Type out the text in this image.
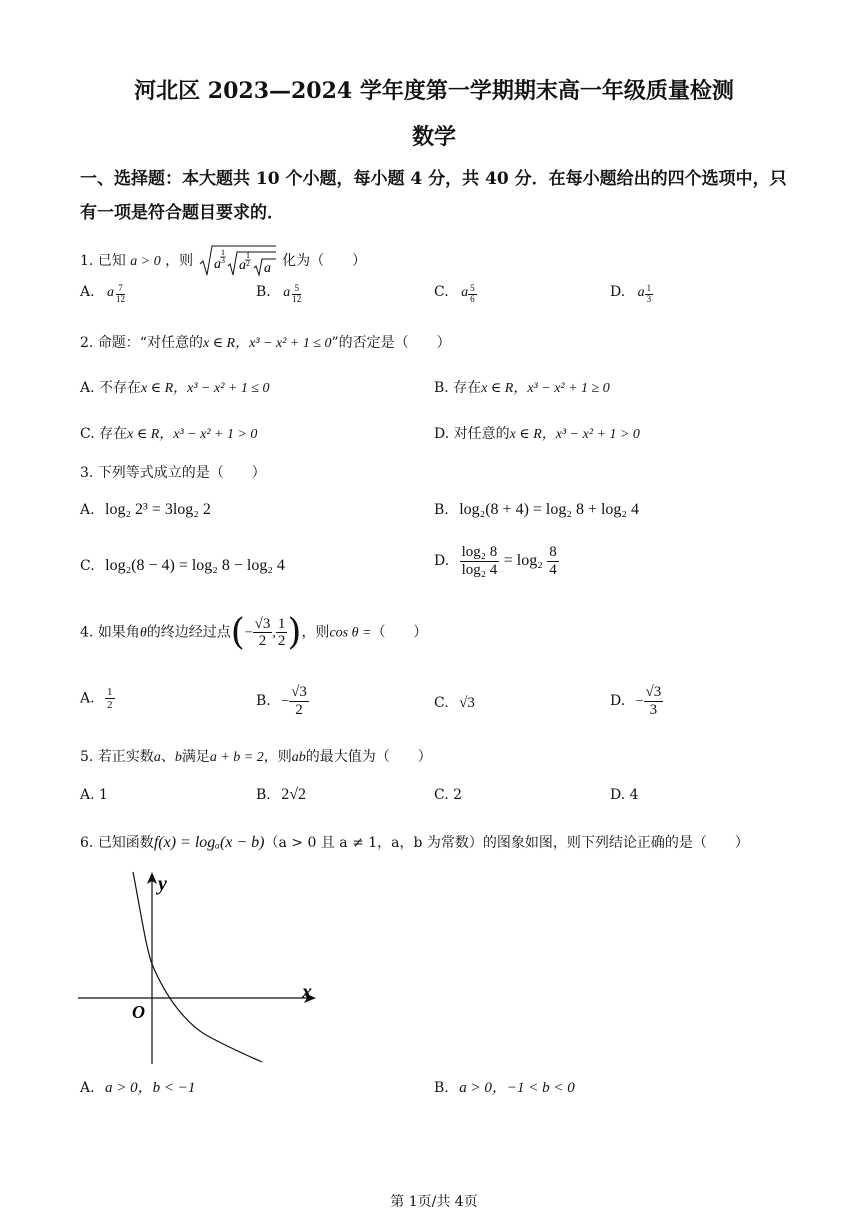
河北区 2023—2024 学年度第一学期期末高一年级质量检测
数学
一、选择题：本大题共 10 个小题，每小题 4 分，共 40 分．在每小题给出的四个选项中，只
有一项是符合题目要求的．
1. 已知 a > 0 ，则 a
1
3 a
1
2 a 化为（　　）
A. a $^{\frac{7}{12}}$	B. a $^{\frac{5}{12}}$	C. a $^{\frac{5}{6}}$	D. a $^{\frac{1}{3}}$
2. 命题：“对任意的x ∈ R，x³ − x² + 1 ≤ 0”的否定是（　　）
A. 不存在x ∈ R，x³ − x² + 1 ≤ 0	B. 存在x ∈ R，x³ − x² + 1 ≥ 0
C. 存在x ∈ R，x³ − x² + 1 > 0	D. 对任意的x ∈ R，x³ − x² + 1 > 0
3. 下列等式成立的是（　　）
A. log₂ 2³ = 3log₂ 2	B. log₂(8 + 4) = log₂ 8 + log₂ 4
C. log₂(8 − 4) = log₂ 8 − log₂ 4	D. $\frac{\text{log₂ 8}}{\text{log₂ 4}} = \log_2 \frac{8}{4}$
4. 如果角θ的终边经过点(− $\frac{√3}{2}$ , $\frac{1}{2}$ )，则cos θ =（　　）
A. $\frac{1}{2}$	B. − $\frac{√3}{2}$	C. √3	D. − $\frac{√3}{3}$
5. 若正实数a、b满足a + b = 2，则ab的最大值为（　　）
A. 1	B. 2√2	C. 2	D. 4
6. 已知函数f(x) = logₐ(x − b)（a > 0 且 a ≠ 1，a，b 为常数）的图象如图，则下列结论正确的是（　　）
y
x
O
A. a > 0，b < −1	B. a > 0，−1 < b < 0
第 1页/共 4页
